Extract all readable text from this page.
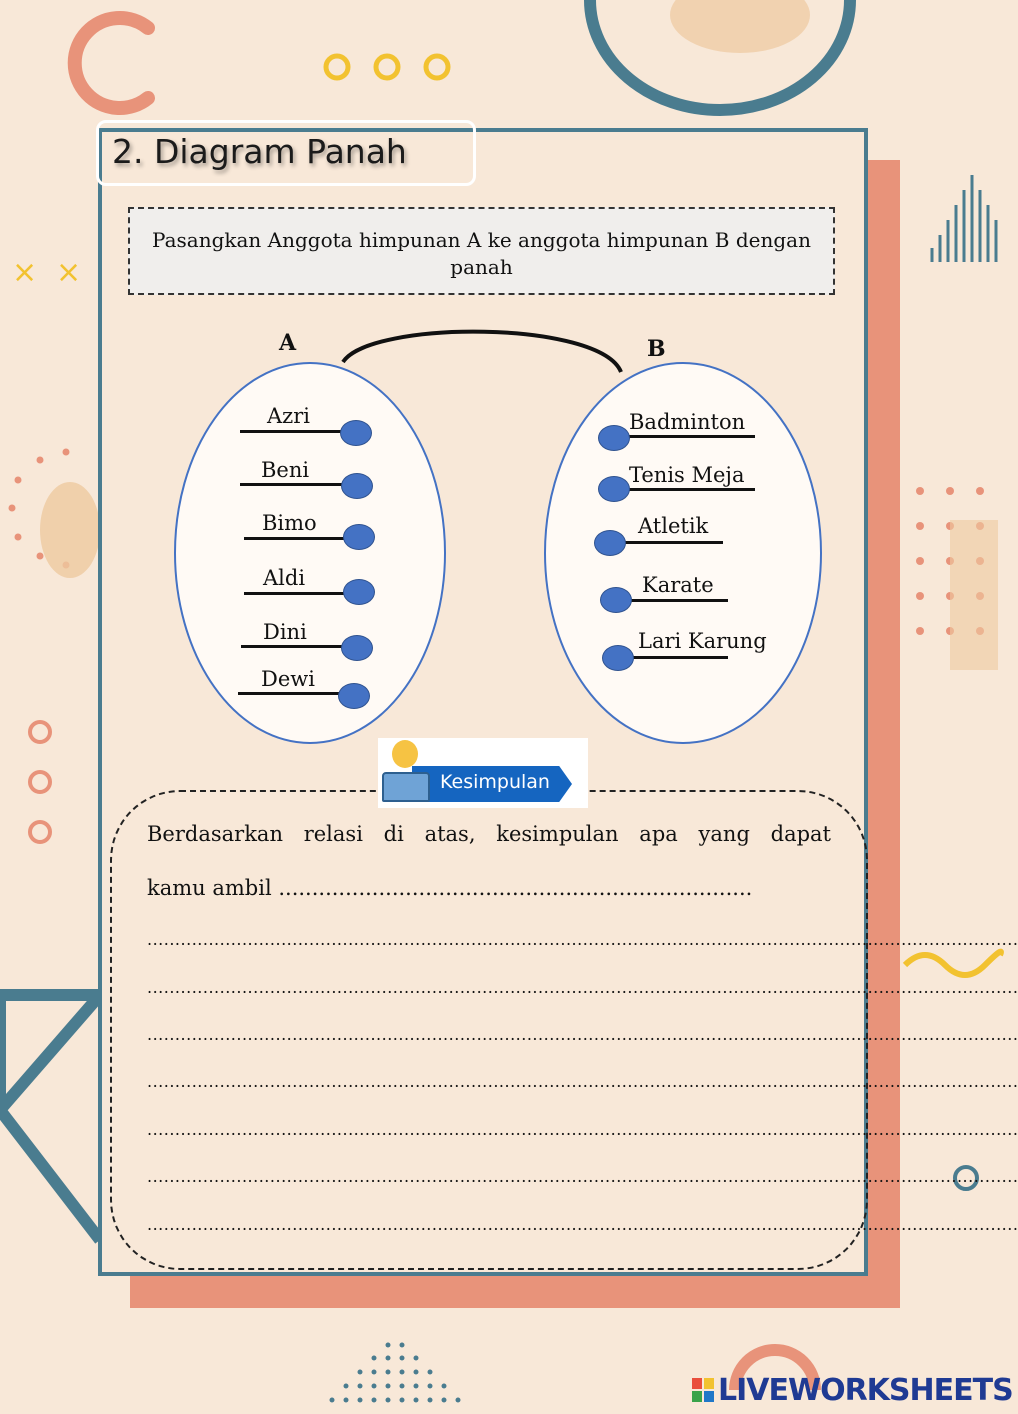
× ×
2. Diagram Panah
Pasangkan Anggota himpunan A ke anggota himpunan B dengan panah
A	B
Azri
Beni
Bimo
Aldi
Dini
Dewi
Badminton
Tenis Meja
Atletik
Karate
Lari Karung
Kesimpulan
Berdasarkan relasi di atas, kesimpulan apa yang dapat
kamu ambil .......................................................................
............................................................................................................................................................
............................................................................................................................................................
............................................................................................................................................................
............................................................................................................................................................
............................................................................................................................................................
............................................................................................................................................................
............................................................................................................................................................
LIVEWORKSHEETS
